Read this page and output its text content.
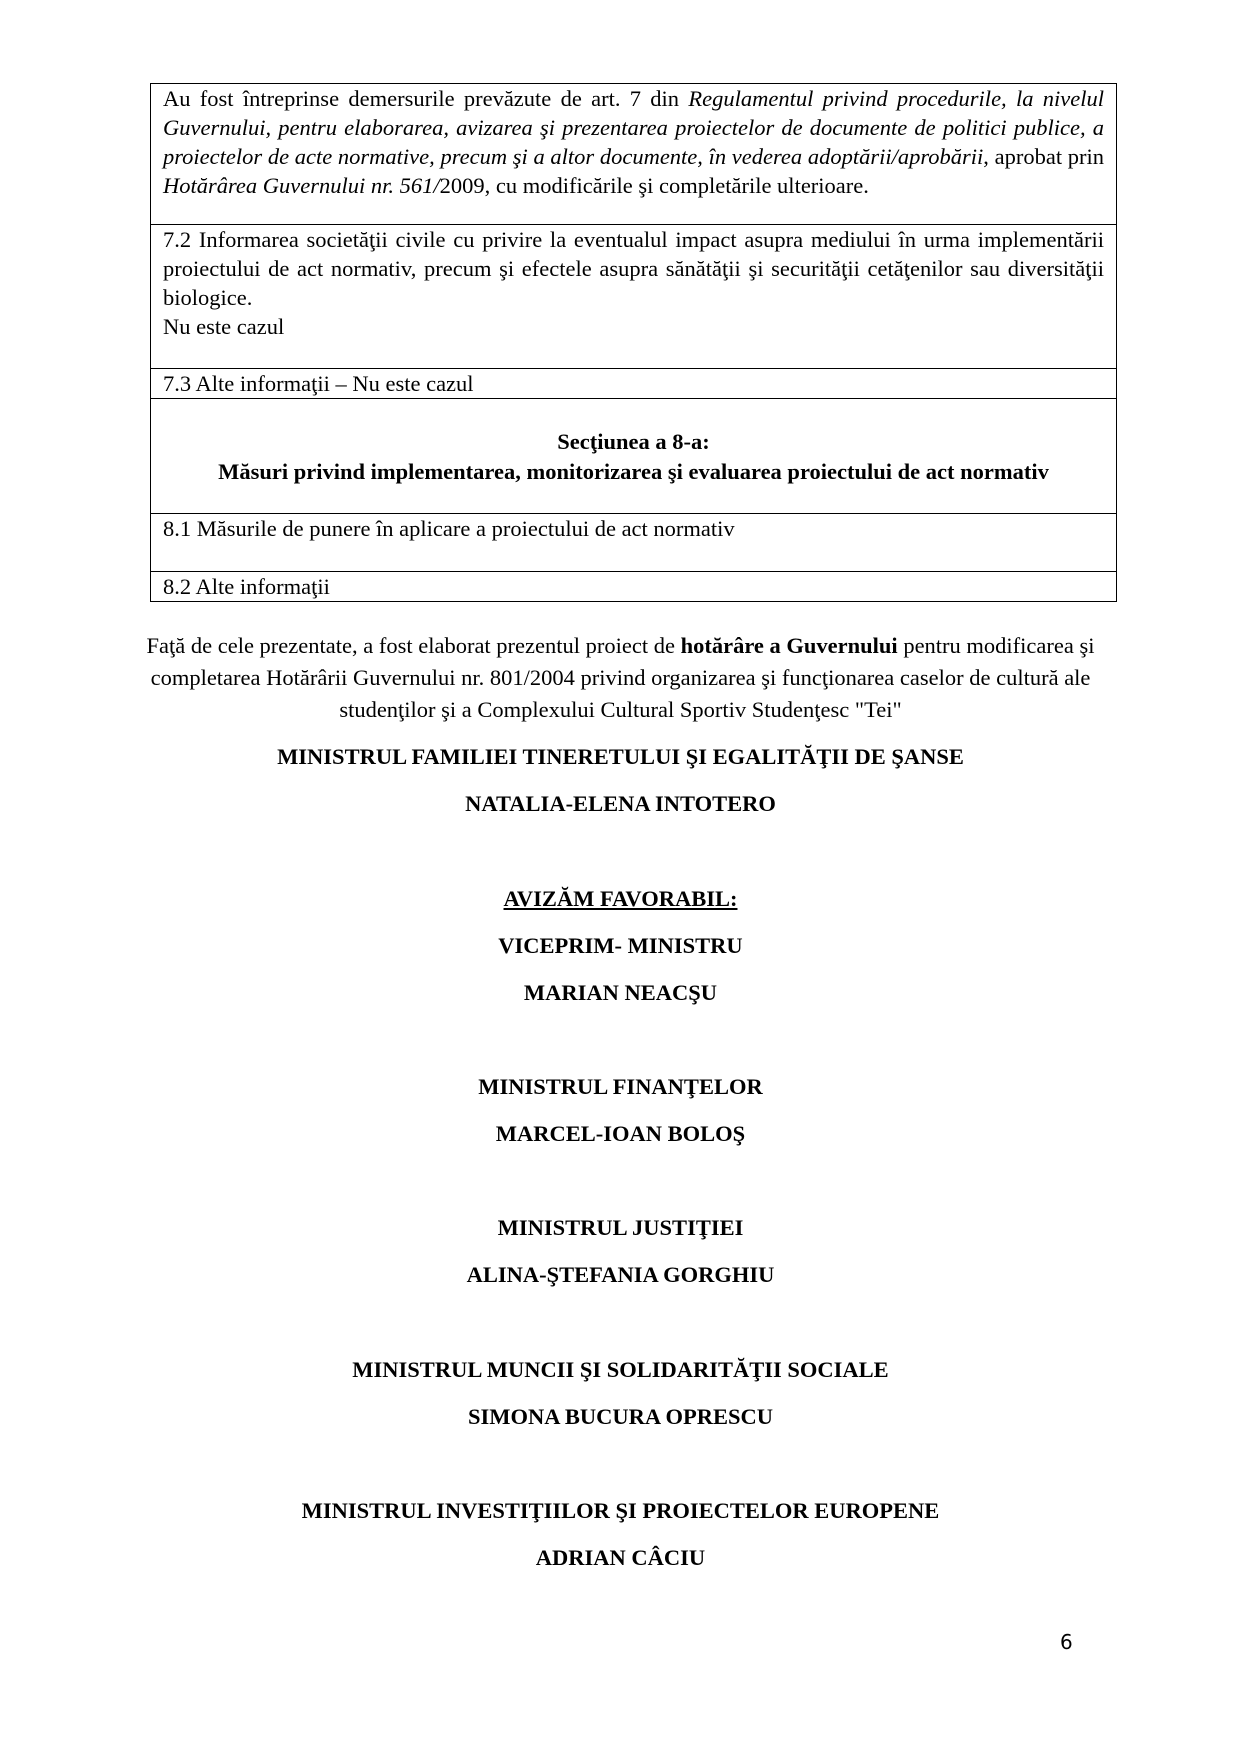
Au fost întreprinse demersurile prevăzute de art. 7 din Regulamentul privind procedurile, la nivelul Guvernului, pentru elaborarea, avizarea şi prezentarea proiectelor de documente de politici publice, a proiectelor de acte normative, precum şi a altor documente, în vederea adoptării/aprobării, aprobat prin Hotărârea Guvernului nr. 561/2009, cu modificările şi completările ulterioare.

7.2 Informarea societăţii civile cu privire la eventualul impact asupra mediului în urma implementării proiectului de act normativ, precum şi efectele asupra sănătăţii şi securităţii cetăţenilor sau diversităţii biologice.
Nu este cazul

7.3 Alte informaţii – Nu este cazul

Secţiunea a 8-a:
Măsuri privind implementarea, monitorizarea şi evaluarea proiectului de act normativ

8.1 Măsurile de punere în aplicare a proiectului de act normativ
8.2 Alte informaţii
Faţă de cele prezentate, a fost elaborat prezentul proiect de hotărâre a Guvernului pentru modificarea şi completarea Hotărârii Guvernului nr. 801/2004 privind organizarea şi funcţionarea caselor de cultură ale studenţilor şi a Complexului Cultural Sportiv Studenţesc "Tei"
MINISTRUL FAMILIEI TINERETULUI ŞI EGALITĂŢII DE ŞANSE
NATALIA-ELENA INTOTERO
AVIZĂM FAVORABIL:
VICEPRIM- MINISTRU
MARIAN NEACŞU
MINISTRUL FINANŢELOR
MARCEL-IOAN BOLOŞ
MINISTRUL JUSTIŢIEI
ALINA-ŞTEFANIA GORGHIU
MINISTRUL MUNCII ŞI SOLIDARITĂŢII SOCIALE
SIMONA BUCURA OPRESCU
MINISTRUL INVESTIŢIILOR ŞI PROIECTELOR EUROPENE
ADRIAN CÂCIU
6
